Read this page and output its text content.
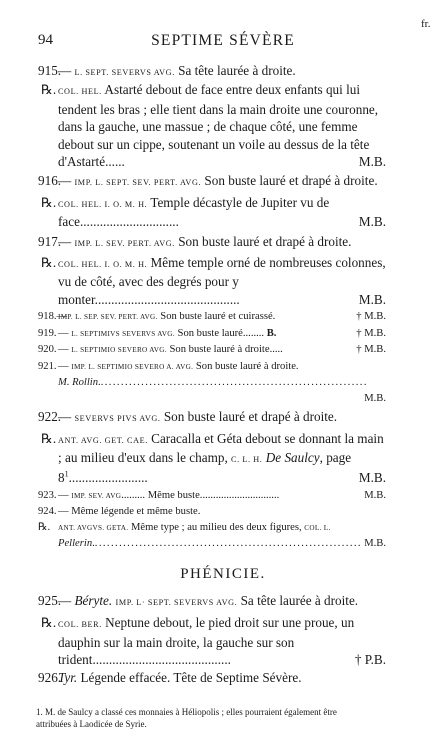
94	SEPTIME SÉVÈRE
fr.
915.
— L. SEPT. SEVERVS AVG. Sa tête laurée à droite.
℞. COL. HEL. Astarté debout de face entre deux enfants qui lui tendent les bras ; elle tient dans la main droite une couronne, dans la gauche, une massue ; de chaque côté, une femme debout sur un cippe, soutenant un voile au dessus de la tête d'Astarté......	M.B.
916.
— IMP. L. SEPT. SEV. PERT. AVG. Son buste lauré et drapé à droite.
℞. COL. HEL. I. O. M. H. Temple décastyle de Jupiter vu de face..............................	M.B.
917.
— IMP. L. SEV. PERT. AVG. Son buste lauré et drapé à droite.
℞. COL. HEL. I. O. M. H. Même temple orné de nombreuses colonnes, vu de côté, avec des degrés pour y monter............................................	M.B.
918.—
IMP. L. SEP. SEV. PERT. AVG. Son buste lauré et cuirassé.	† M.B.
919. — L. SEPTIMIVS SEVERVS AVG. Son buste lauré........ B.	† M.B.
920. — L. SEPTIMIO SEVERO AVG. Son buste lauré à droite.....	† M.B.
921. — IMP. L. SEPTIMIO SEVERO A. AVG. Son buste lauré à droite.
M. Rollin...................................................................
M.B.
922.
— SEVERVS PIVS AVG. Son buste lauré et drapé à droite.
℞. ANT. AVG. GET. CAE. Caracalla et Géta debout se donnant la main ; au milieu d'eux dans le champ, C. L. H. De Saulcy, page $8^1$........................	M.B.
923. — IMP. SEV. AVG......... Même buste..............................	M.B.
924. — Même légende et même buste.
℞. ANT. AVGVS. GETA. Même type ; au milieu des deux figures, COL. L.
Pellerin................................................................... M.B.
PHÉNICIE.
925.
— Béryte. IMP. L· SEPT. SEVERVS AVG. Sa tête laurée à droite.
℞. COL. BER. Neptune debout, le pied droit sur une proue, un dauphin sur la main droite, la gauche sur son trident..........................................	† P.B.
926.
Tyr. Légende effacée. Tête de Septime Sévère.
1. M. de Saulcy a classé ces monnaies à Héliopolis ; elles pourraient également être
attribuées à Laodicée de Syrie.
